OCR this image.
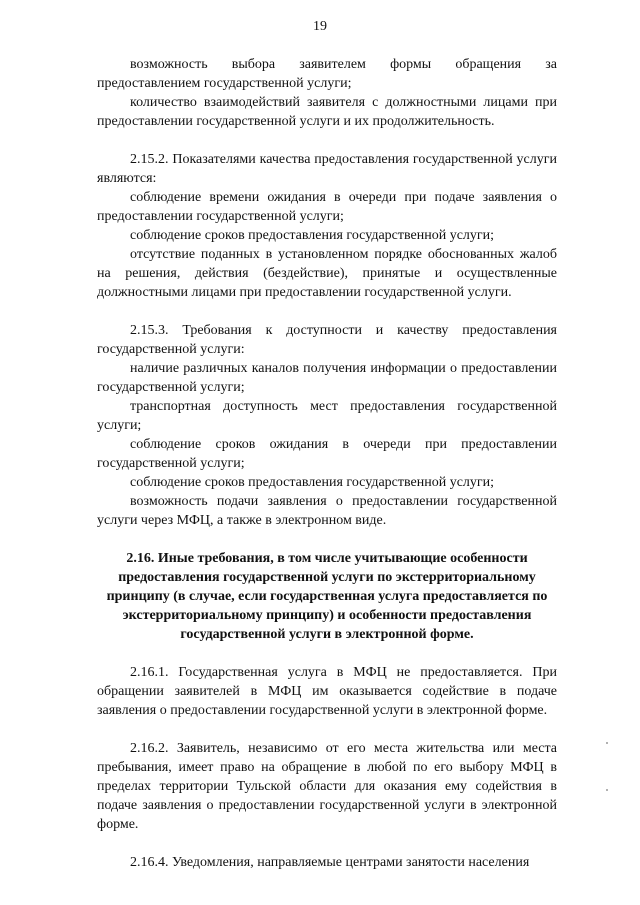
19

возможность выбора заявителем формы обращения за предоставлением государственной услуги;

количество взаимодействий заявителя с должностными лицами при предоставлении государственной услуги и их продолжительность.

2.15.2. Показателями качества предоставления государственной услуги являются:

соблюдение времени ожидания в очереди при подаче заявления о предоставлении государственной услуги;

соблюдение сроков предоставления государственной услуги;

отсутствие поданных в установленном порядке обоснованных жалоб на решения, действия (бездействие), принятые и осуществленные должностными лицами при предоставлении государственной услуги.

2.15.3. Требования к доступности и качеству предоставления государственной услуги:

наличие различных каналов получения информации о предоставлении государственной услуги;

транспортная доступность мест предоставления государственной услуги;

соблюдение сроков ожидания в очереди при предоставлении государственной услуги;

соблюдение сроков предоставления государственной услуги;

возможность подачи заявления о предоставлении государственной услуги через МФЦ, а также в электронном виде.

2.16. Иные требования, в том числе учитывающие особенности предоставления государственной услуги по экстерриториальному принципу (в случае, если государственная услуга предоставляется по экстерриториальному принципу) и особенности предоставления государственной услуги в электронной форме.

2.16.1. Государственная услуга в МФЦ не предоставляется. При обращении заявителей в МФЦ им оказывается содействие в подаче заявления о предоставлении государственной услуги в электронной форме.

2.16.2. Заявитель, независимо от его места жительства или места пребывания, имеет право на обращение в любой по его выбору МФЦ в пределах территории Тульской области для оказания ему содействия в подаче заявления о предоставлении государственной услуги в электронной форме.

2.16.4. Уведомления, направляемые центрами занятости населения
